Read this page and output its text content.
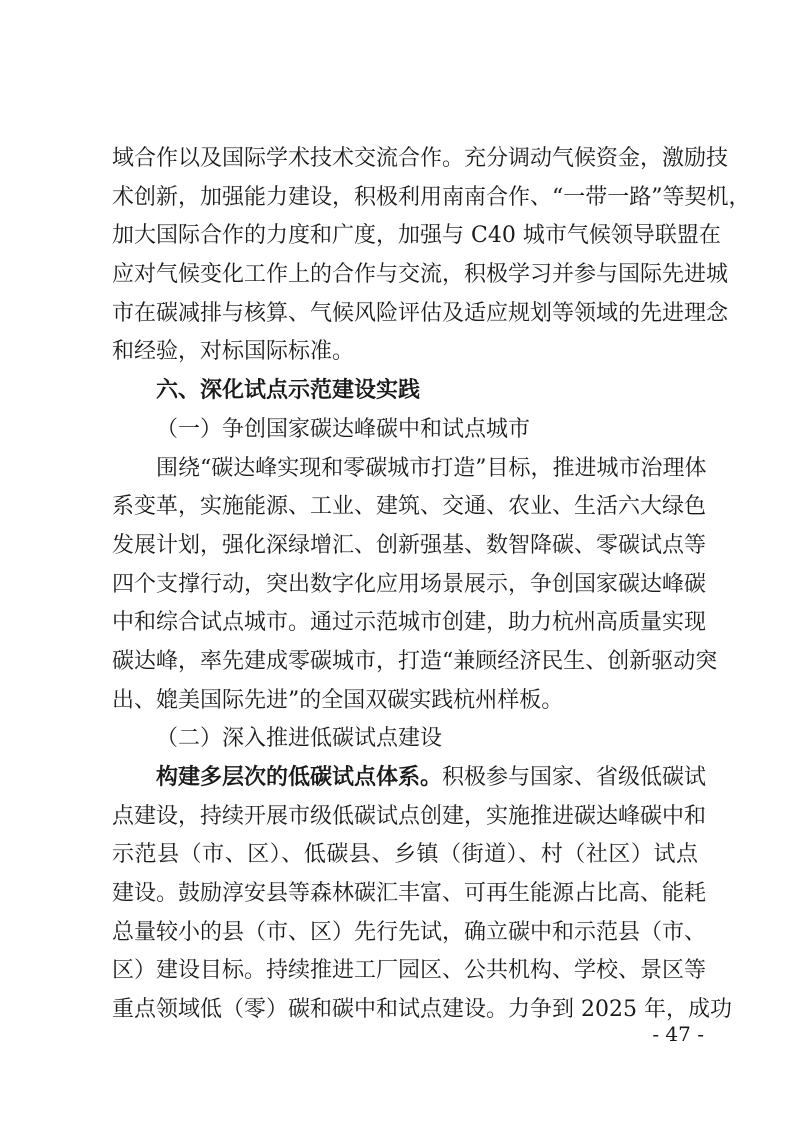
域合作以及国际学术技术交流合作。充分调动气候资金，激励技
术创新，加强能力建设，积极利用南南合作、“一带一路”等契机，
加大国际合作的力度和广度，加强与 C40 城市气候领导联盟在
应对气候变化工作上的合作与交流，积极学习并参与国际先进城
市在碳减排与核算、气候风险评估及适应规划等领域的先进理念
和经验，对标国际标准。
六、深化试点示范建设实践
（一）争创国家碳达峰碳中和试点城市
围绕“碳达峰实现和零碳城市打造”目标，推进城市治理体
系变革，实施能源、工业、建筑、交通、农业、生活六大绿色
发展计划，强化深绿增汇、创新强基、数智降碳、零碳试点等
四个支撑行动，突出数字化应用场景展示，争创国家碳达峰碳
中和综合试点城市。通过示范城市创建，助力杭州高质量实现
碳达峰，率先建成零碳城市，打造“兼顾经济民生、创新驱动突
出、媲美国际先进”的全国双碳实践杭州样板。
（二）深入推进低碳试点建设
构建多层次的低碳试点体系。积极参与国家、省级低碳试
点建设，持续开展市级低碳试点创建，实施推进碳达峰碳中和
示范县（市、区）、低碳县、乡镇（街道）、村（社区）试点
建设。鼓励淳安县等森林碳汇丰富、可再生能源占比高、能耗
总量较小的县（市、区）先行先试，确立碳中和示范县（市、
区）建设目标。持续推进工厂园区、公共机构、学校、景区等
重点领域低（零）碳和碳中和试点建设。力争到 2025 年，成功
- 47 -
